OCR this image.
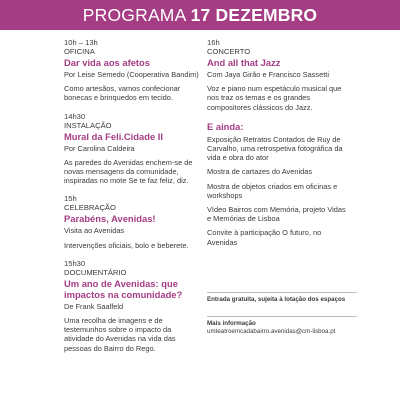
PROGRAMA 17 DEZEMBRO
10h – 13h
OFICINA
Dar vida aos afetos
Por Leise Semedo (Cooperativa Bandim)
Como artesãos, vamos confecionar bonecas e brinquedos em tecido.
14h30
INSTALAÇÃO
Mural da Feli.Cidade II
Por Carolina Caldeira
As paredes do Avenidas enchem-se de novas mensagens da comunidade, inspiradas no mote Se te faz feliz, diz.
15h
CELEBRAÇÃO
Parabéns, Avenidas!
Visita ao Avenidas
Intervenções oficiais, bolo e beberete.
15h30
DOCUMENTÁRIO
Um ano de Avenidas: que impactos na comunidade?
De Frank Saalfeld
Uma recolha de imagens e de testemunhos sobre o impacto da atividade do Avenidas na vida das pessoas do Bairro do Rego.
16h
CONCERTO
And all that Jazz
Com Jaya Girão e Francisco Sassetti
Voz e piano num espetáculo musical que nos traz os temas e os grandes compositores clássicos do Jazz.
E ainda:
Exposição Retratos Contados de Ruy de Carvalho, uma retrospetiva fotográfica da vida e obra do ator
Mostra de cartazes do Avenidas
Mostra de objetos criados em oficinas e workshops
Vídeo Bairros com Memória, projeto Vidas e Memórias de Lisboa
Convite à participação O futuro, no Avenidas
Entrada gratuita, sujeita à lotação dos espaços
Mais informação
umteatroemcadabairro.avenidas@cm-lisboa.pt
